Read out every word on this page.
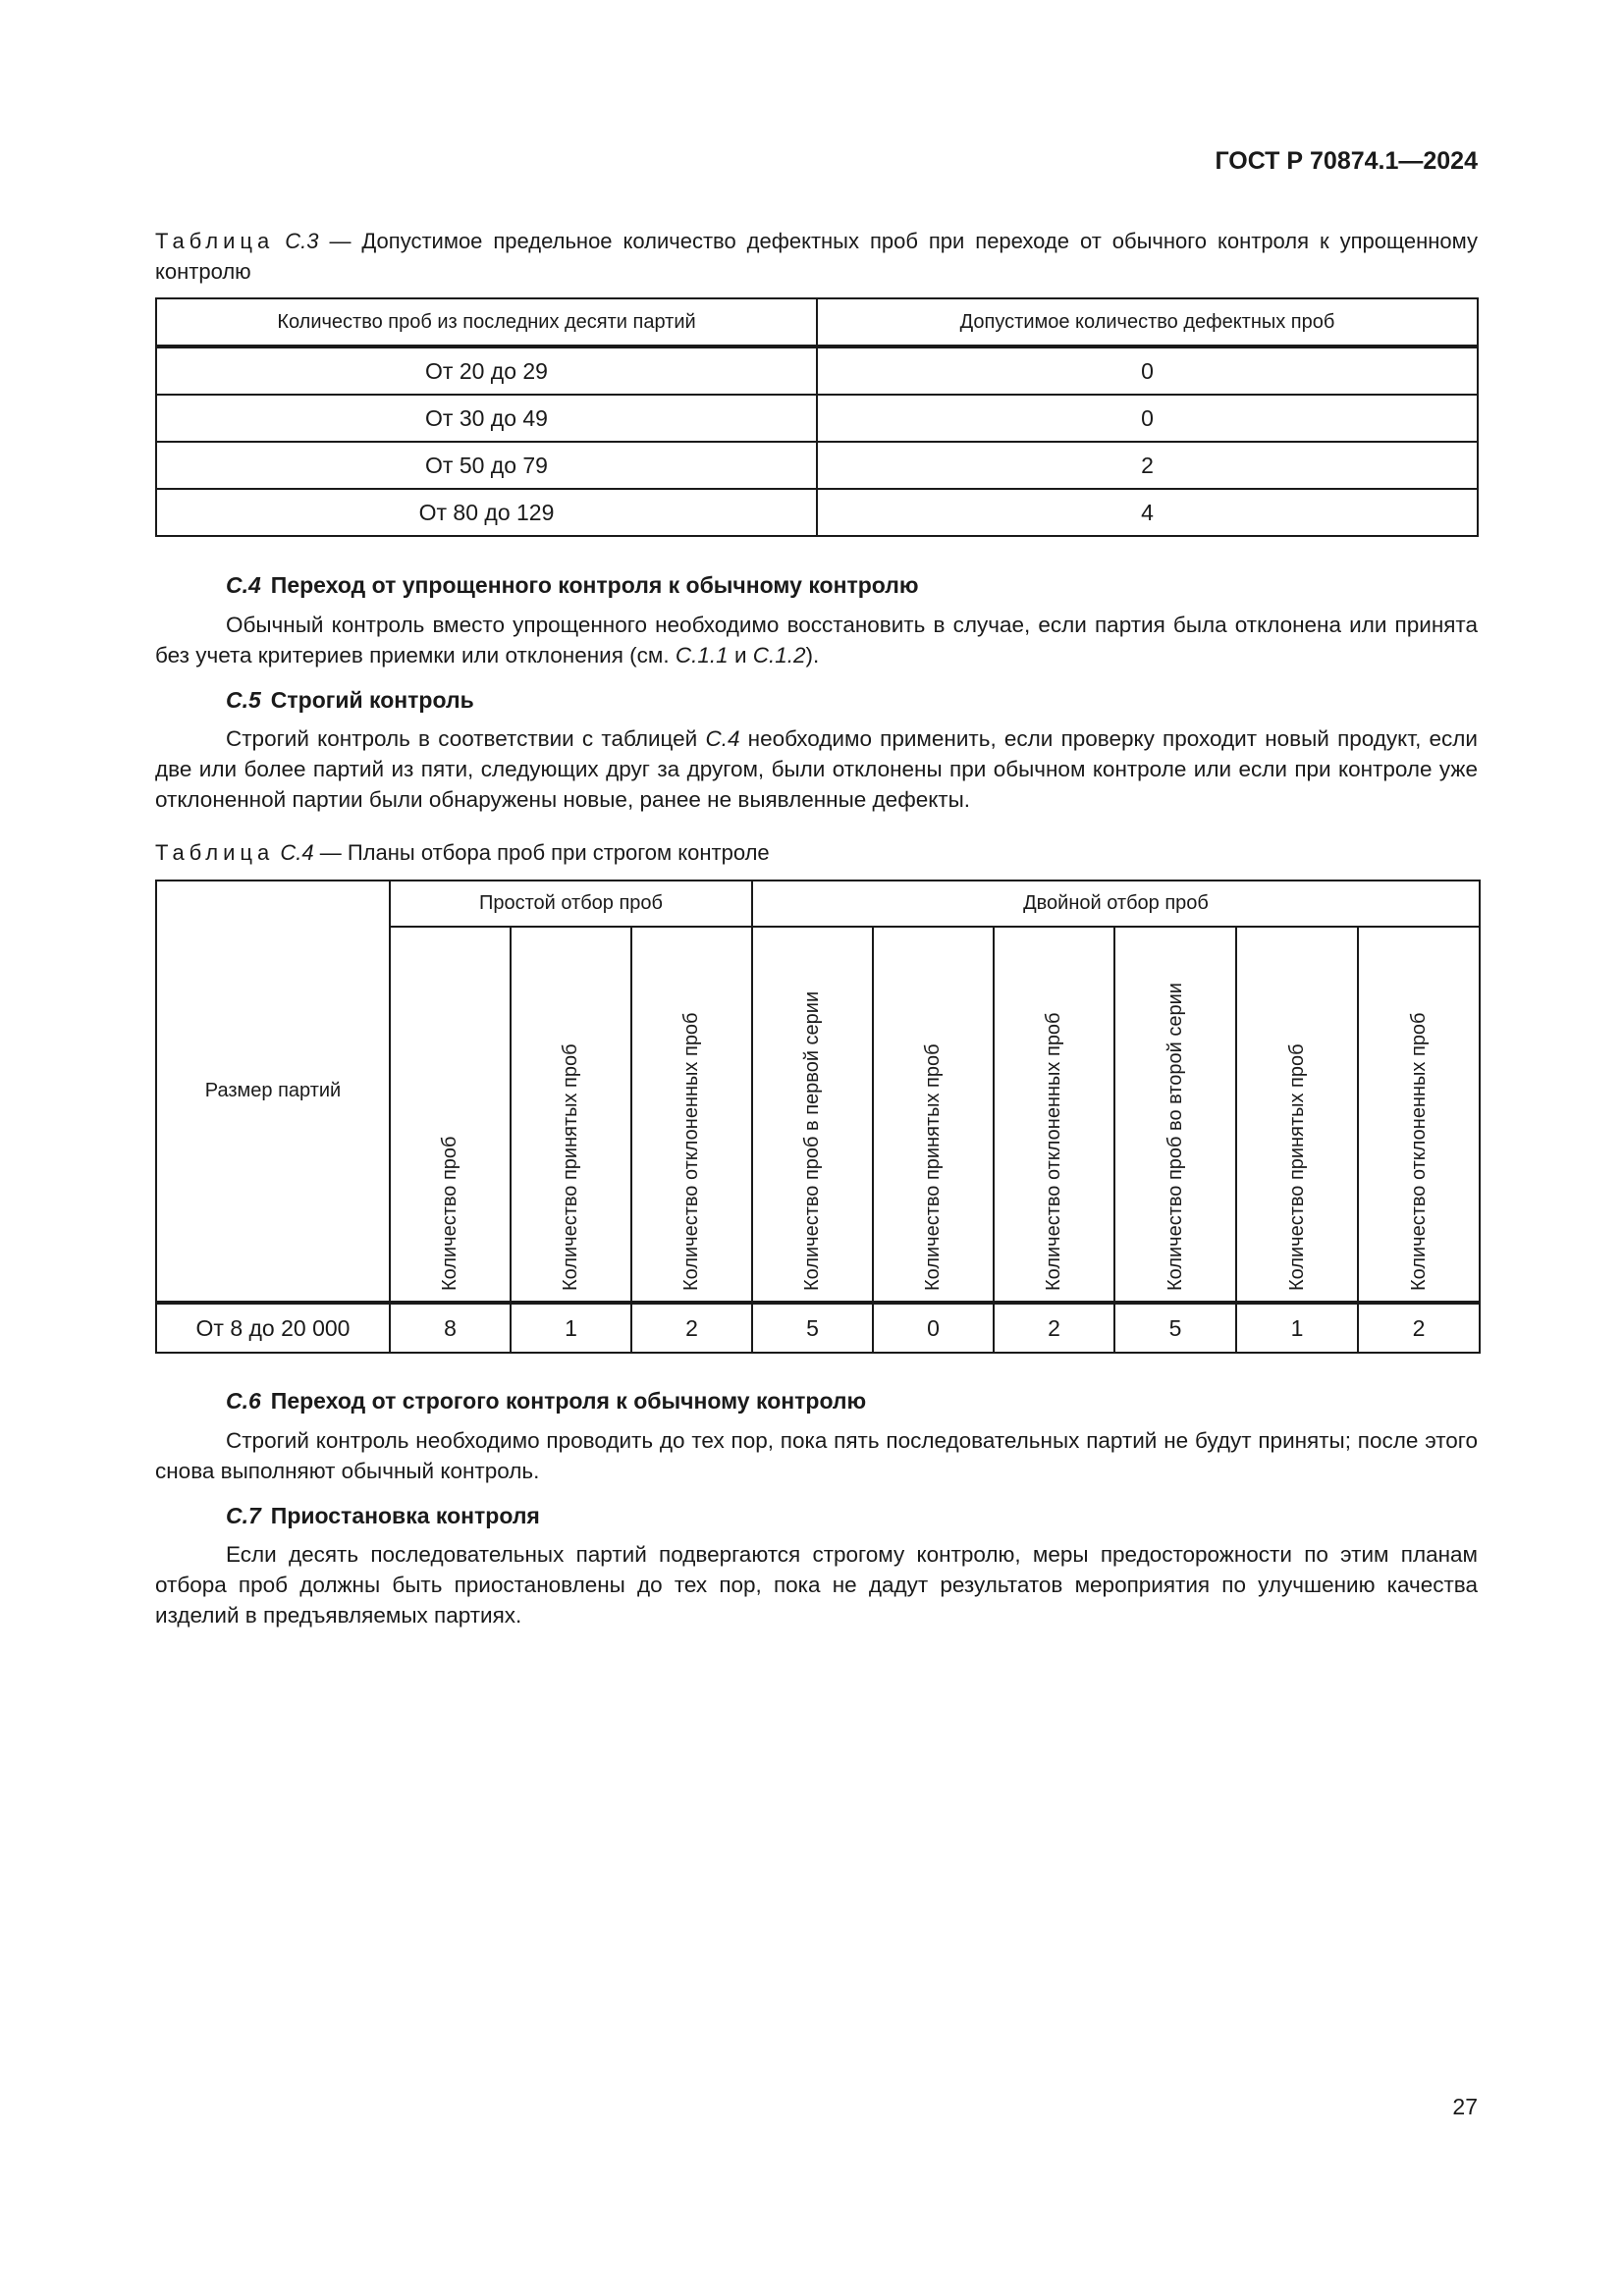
ГОСТ Р 70874.1—2024
Таблица С.3 — Допустимое предельное количество дефектных проб при переходе от обычного контроля к упрощенному контролю
Количество проб из последних десяти партий	Допустимое количество дефектных проб
От 20 до 29	0
От 30 до 49	0
От 50 до 79	2
От 80 до 129	4
С.4 Переход от упрощенного контроля к обычному контролю
Обычный контроль вместо упрощенного необходимо восстановить в случае, если партия была отклонена или принята без учета критериев приемки или отклонения (см. С.1.1 и С.1.2).
С.5 Строгий контроль
Строгий контроль в соответствии с таблицей С.4 необходимо применить, если проверку проходит новый продукт, если две или более партий из пяти, следующих друг за другом, были отклонены при обычном контроле или если при контроле уже отклоненной партии были обнаружены новые, ранее не выявленные дефекты.
Таблица С.4 — Планы отбора проб при строгом контроле
Размер партий	Простой отбор проб			Двойной отбор проб					
	Количество проб	Количество принятых проб	Количество отклоненных проб	Количество проб в первой серии	Количество принятых проб	Количество отклоненных проб	Количество проб во второй серии	Количество принятых проб	Количество отклоненных проб
От 8 до 20 000	8	1	2	5	0	2	5	1	2
С.6 Переход от строгого контроля к обычному контролю
Строгий контроль необходимо проводить до тех пор, пока пять последовательных партий не будут приняты; после этого снова выполняют обычный контроль.
С.7 Приостановка контроля
Если десять последовательных партий подвергаются строгому контролю, меры предосторожности по этим планам отбора проб должны быть приостановлены до тех пор, пока не дадут результатов мероприятия по улучшению качества изделий в предъявляемых партиях.
27
